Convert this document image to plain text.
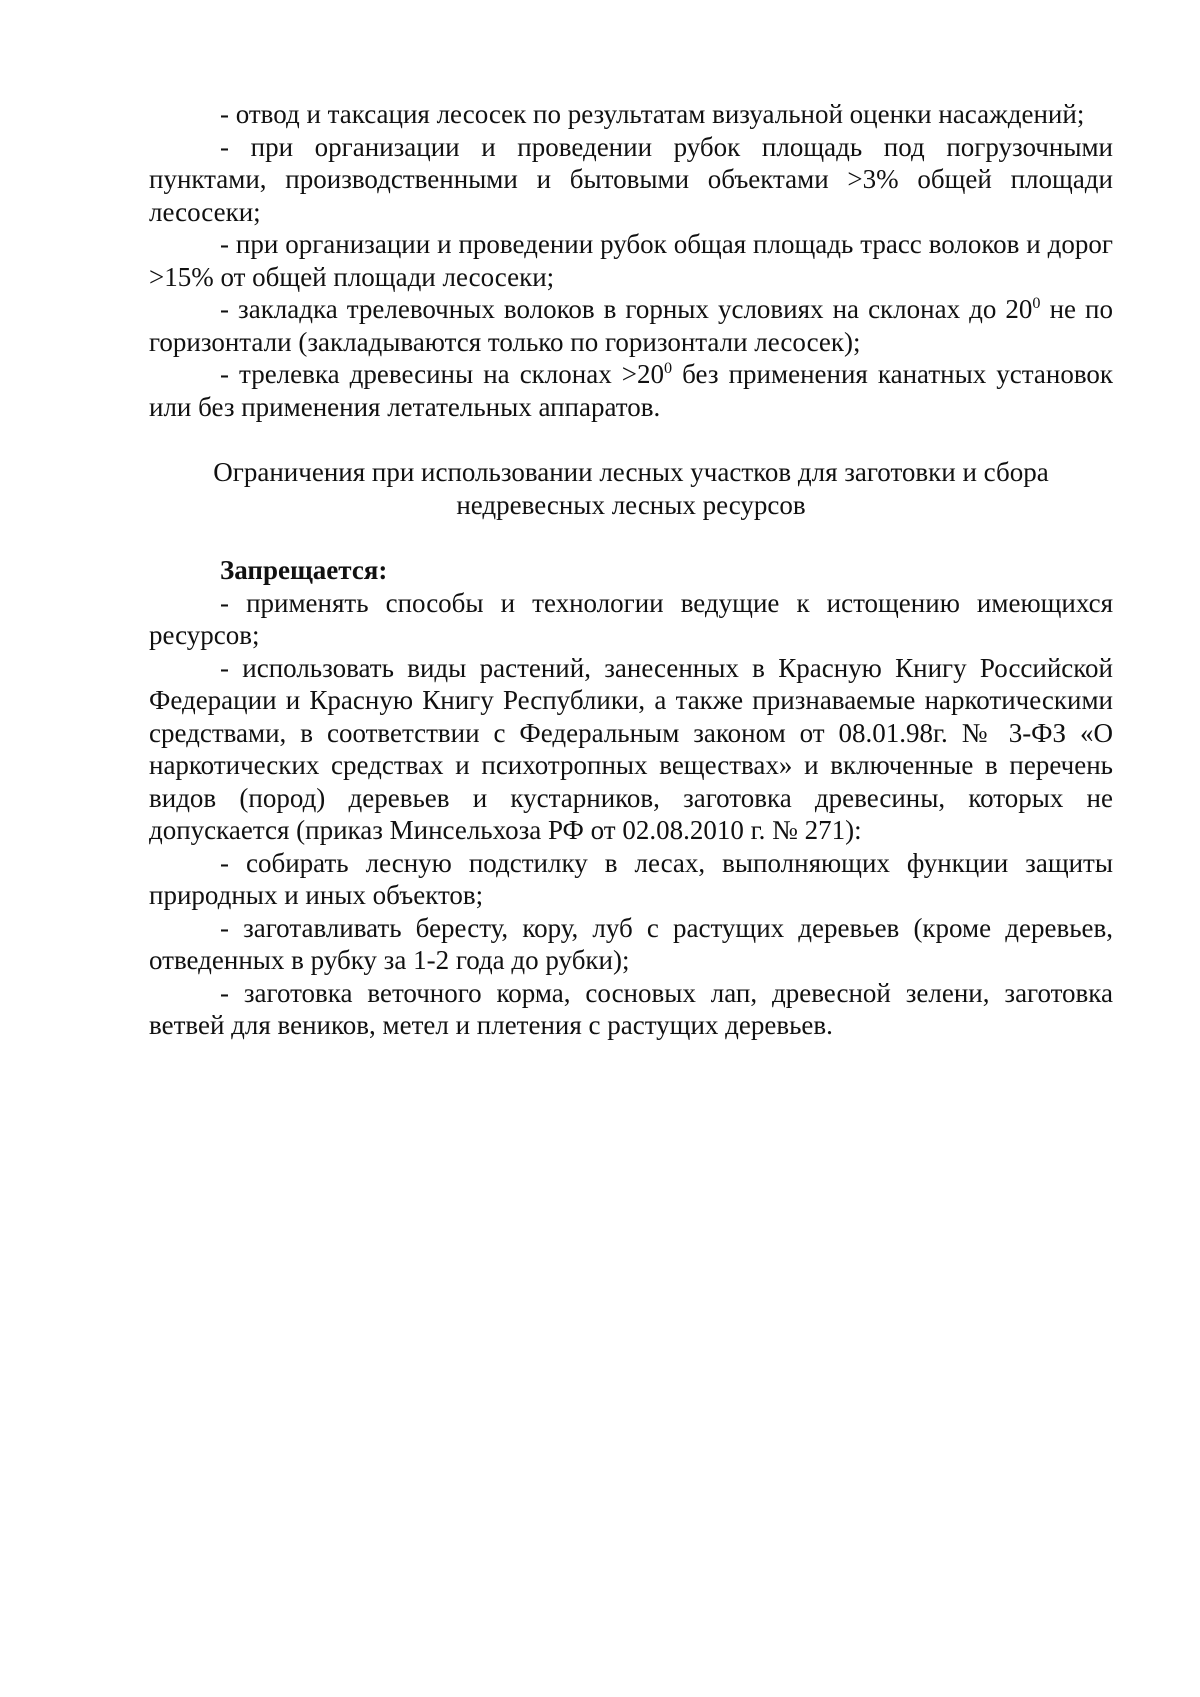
- отвод и таксация лесосек по результатам визуальной оценки насаждений;

- при организации и проведении рубок площадь под погрузочными пунктами, производственными и бытовыми объектами >3% общей площади лесосеки;

- при организации и проведении рубок общая площадь трасс волоков и дорог >15% от общей площади лесосеки;

- закладка трелевочных волоков в горных условиях на склонах до $20^0$ не по горизонтали (закладываются только по горизонтали лесосек);

- трелевка древесины на склонах $>20^0$ без применения канатных установок или без применения летательных аппаратов.

Ограничения при использовании лесных участков для заготовки и сбора

недревесных лесных ресурсов

Запрещается:

- применять способы и технологии ведущие к истощению имеющихся ресурсов;

- использовать виды растений, занесенных в Красную Книгу Российской Федерации и Красную Книгу Республики, а также признаваемые наркотическими средствами, в соответствии с Федеральным законом от 08.01.98г. № 3-ФЗ «О наркотических средствах и психотропных веществах» и включенные в перечень видов (пород) деревьев и кустарников, заготовка древесины, которых не допускается (приказ Минсельхоза РФ от 02.08.2010 г. № 271):

- собирать лесную подстилку в лесах, выполняющих функции защиты природных и иных объектов;

- заготавливать бересту, кору, луб с растущих деревьев (кроме деревьев, отведенных в рубку за 1-2 года до рубки);

- заготовка веточного корма, сосновых лап, древесной зелени, заготовка ветвей для веников, метел и плетения с растущих деревьев.
